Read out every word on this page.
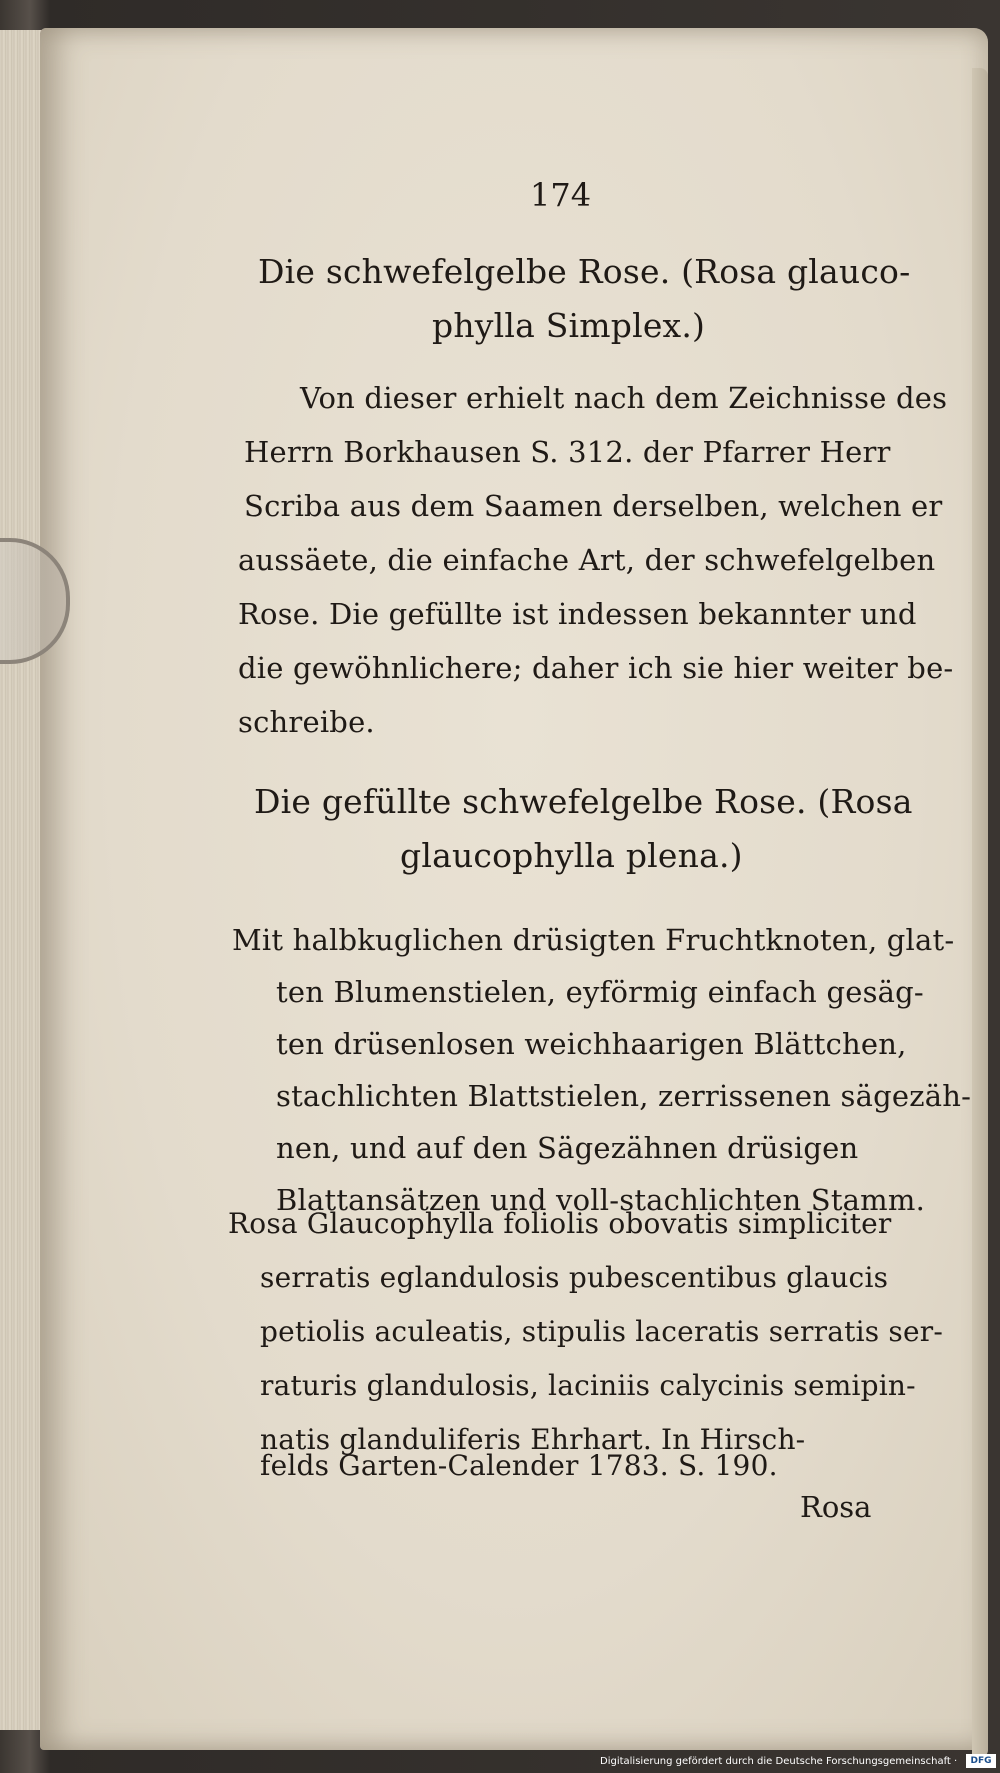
174
Die schwefelgelbe Rose. (Rosa glauco-
phylla Simplex.)
Von dieser erhielt nach dem Zeichnisse des
Herrn Borkhausen S. 312. der Pfarrer Herr
Scriba aus dem Saamen derselben, welchen er
aussäete, die einfache Art, der schwefelgelben
Rose. Die gefüllte ist indessen bekannter und
die gewöhnlichere; daher ich sie hier weiter be-
schreibe.
Die gefüllte schwefelgelbe Rose. (Rosa
glaucophylla plena.)
Mit halbkuglichen drüsigten Fruchtknoten, glat-
ten Blumenstielen, eyförmig einfach gesäg-
ten drüsenlosen weichhaarigen Blättchen,
stachlichten Blattstielen, zerrissenen sägezäh-
nen, und auf den Sägezähnen drüsigen
Blattansätzen und voll-stachlichten Stamm.
Rosa Glaucophylla foliolis obovatis simpliciter
serratis eglandulosis pubescentibus glaucis
petiolis aculeatis, stipulis laceratis serratis ser-
raturis glandulosis, laciniis calycinis semipin-
natis glanduliferis Ehrhart. In Hirsch-
felds Garten-Calender 1783. S. 190.
Rosa
Digitalisierung gefördert durch die Deutsche Forschungsgemeinschaft ·	DFG
